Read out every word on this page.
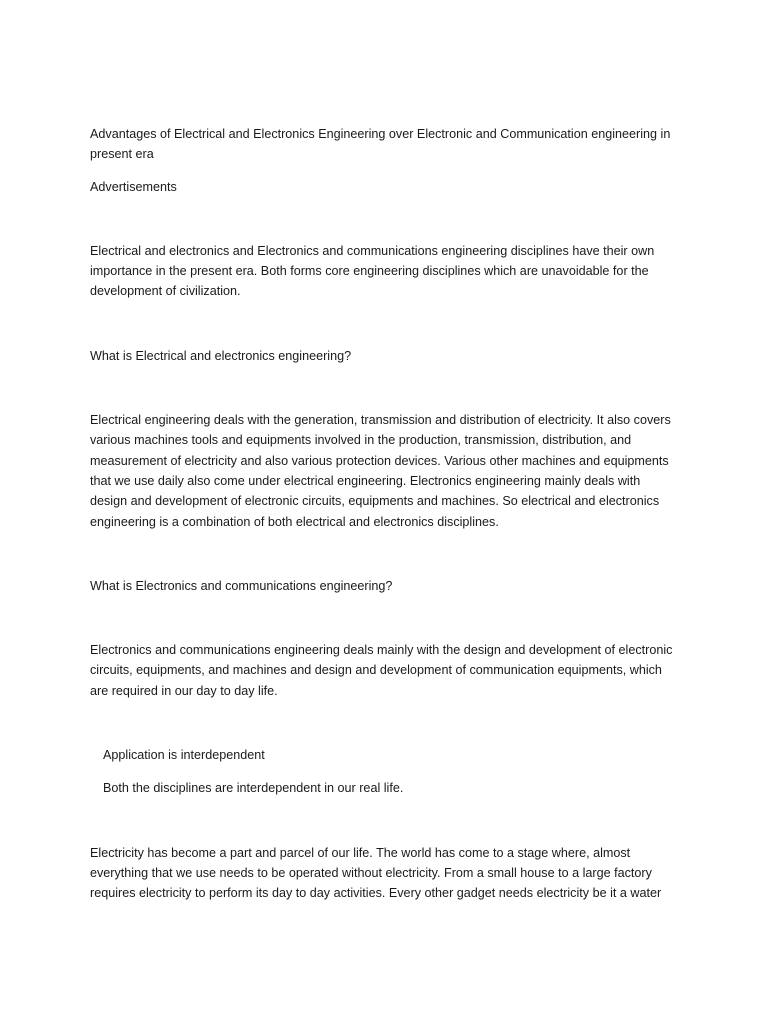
Advantages of Electrical and Electronics Engineering over Electronic and Communication engineering in present era

Advertisements

Electrical and electronics and Electronics and communications engineering disciplines have their own importance in the present era. Both forms core engineering disciplines which are unavoidable for the development of civilization.

What is Electrical and electronics engineering?

Electrical engineering deals with the generation, transmission and distribution of electricity. It also covers various machines tools and equipments involved in the production, transmission, distribution, and measurement of electricity and also various protection devices. Various other machines and equipments that we use daily also come under electrical engineering. Electronics engineering mainly deals with design and development of electronic circuits, equipments and machines. So electrical and electronics engineering is a combination of both electrical and electronics disciplines.

What is Electronics and communications engineering?

Electronics and communications engineering deals mainly with the design and development of electronic circuits, equipments, and machines and design and development of communication equipments, which are required in our day to day life.

Application is interdependent

Both the disciplines are interdependent in our real life.

Electricity has become a part and parcel of our life. The world has come to a stage where, almost everything that we use needs to be operated without electricity. From a small house to a large factory requires electricity to perform its day to day activities. Every other gadget needs electricity be it a water
